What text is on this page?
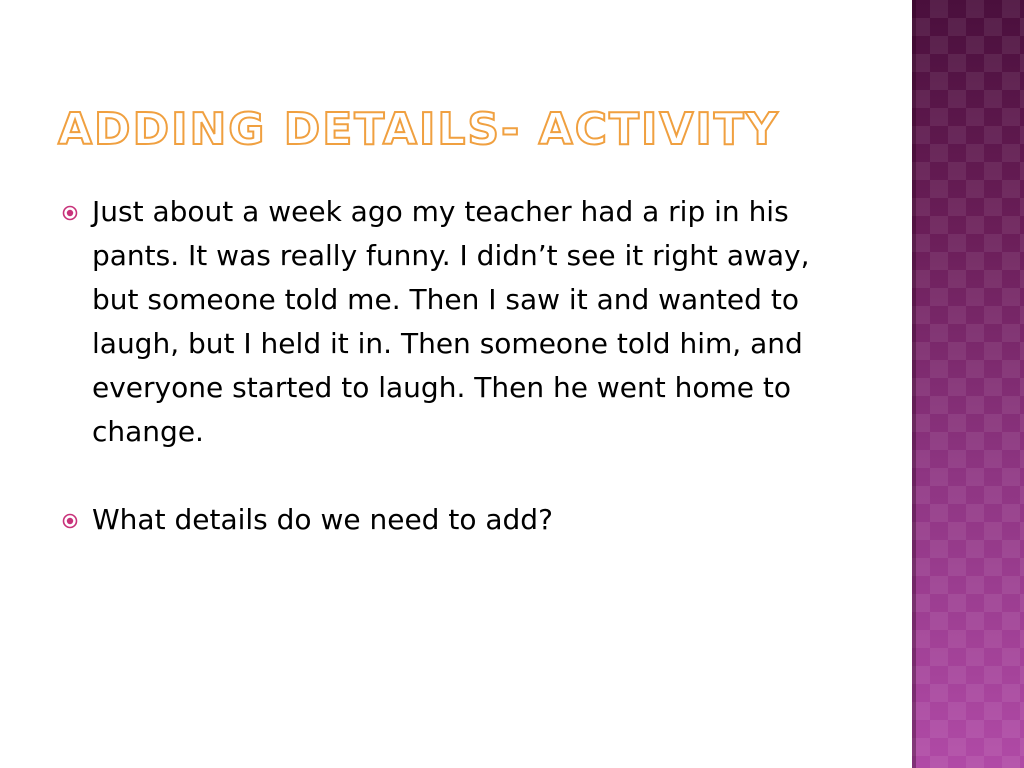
ADDING DETAILS- ACTIVITY
Just about a week ago my teacher had a rip in his pants. It was really funny. I didn’t see it right away, but someone told me. Then I saw it and wanted to laugh, but I held it in. Then someone told him, and everyone started to laugh. Then he went home to change.
What details do we need to add?
